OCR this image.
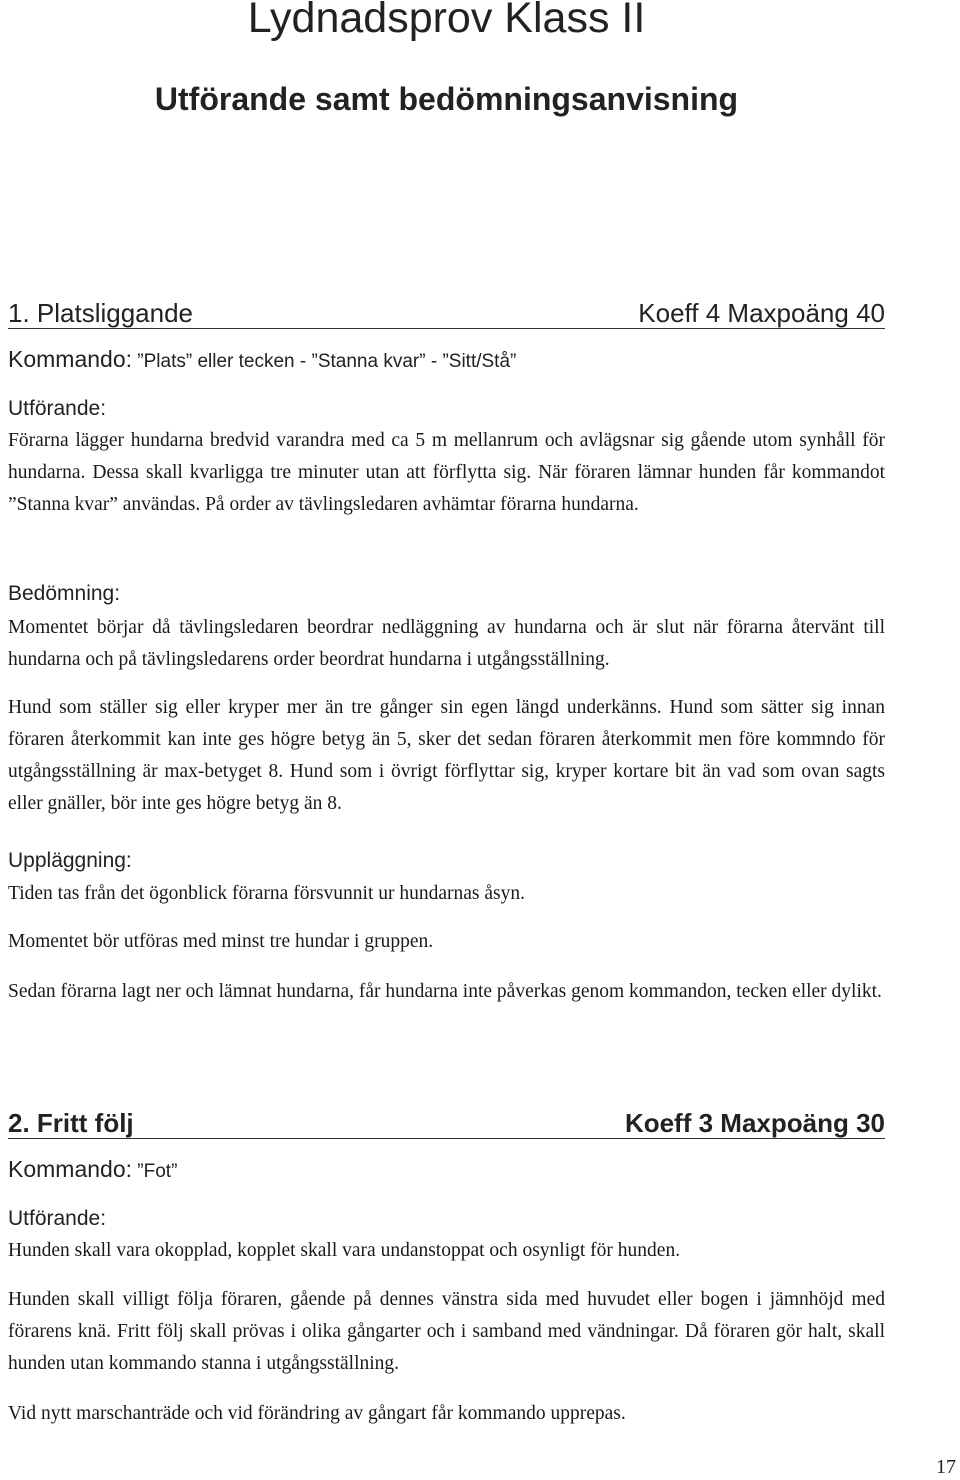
Lydnadsprov Klass II
Utförande samt bedömningsanvisning
1. Platsliggande	Koeff 4 Maxpoäng 40
Kommando: ”Plats” eller tecken - ”Stanna kvar” - ”Sitt/Stå”
Utförande:
Förarna lägger hundarna bredvid varandra med ca 5 m mellanrum och avlägsnar sig gående utom synhåll för hundarna. Dessa skall kvarligga tre minuter utan att förflytta sig. När föraren lämnar hunden får kommandot ”Stanna kvar” användas. På order av tävlingsledaren avhämtar förarna hundarna.
Bedömning:
Momentet börjar då tävlingsledaren beordrar nedläggning av hundarna och är slut när förarna återvänt till hundarna och på tävlingsledarens order beordrat hundarna i utgångsställning.
Hund som ställer sig eller kryper mer än tre gånger sin egen längd underkänns. Hund som sätter sig innan föraren återkommit kan inte ges högre betyg än 5, sker det sedan föraren återkommit men före kommndo för utgångsställning är max-betyget 8. Hund som i övrigt förflyttar sig, kryper kortare bit än vad som ovan sagts eller gnäller, bör inte ges högre betyg än 8.
Uppläggning:
Tiden tas från det ögonblick förarna försvunnit ur hundarnas åsyn.
Momentet bör utföras med minst tre hundar i gruppen.
Sedan förarna lagt ner och lämnat hundarna, får hundarna inte påverkas genom kommandon, tecken eller dylikt.
2. Fritt följ	Koeff 3 Maxpoäng 30
Kommando: ”Fot”
Utförande:
Hunden skall vara okopplad, kopplet skall vara undanstoppat och osynligt för hunden.
Hunden skall villigt följa föraren, gående på dennes vänstra sida med huvudet eller bogen i jämnhöjd med förarens knä. Fritt följ skall prövas i olika gångarter och i samband med vändningar. Då föraren gör halt, skall hunden utan kommando stanna i utgångsställning.
Vid nytt marschanträde och vid förändring av gångart får kommando upprepas.
17
